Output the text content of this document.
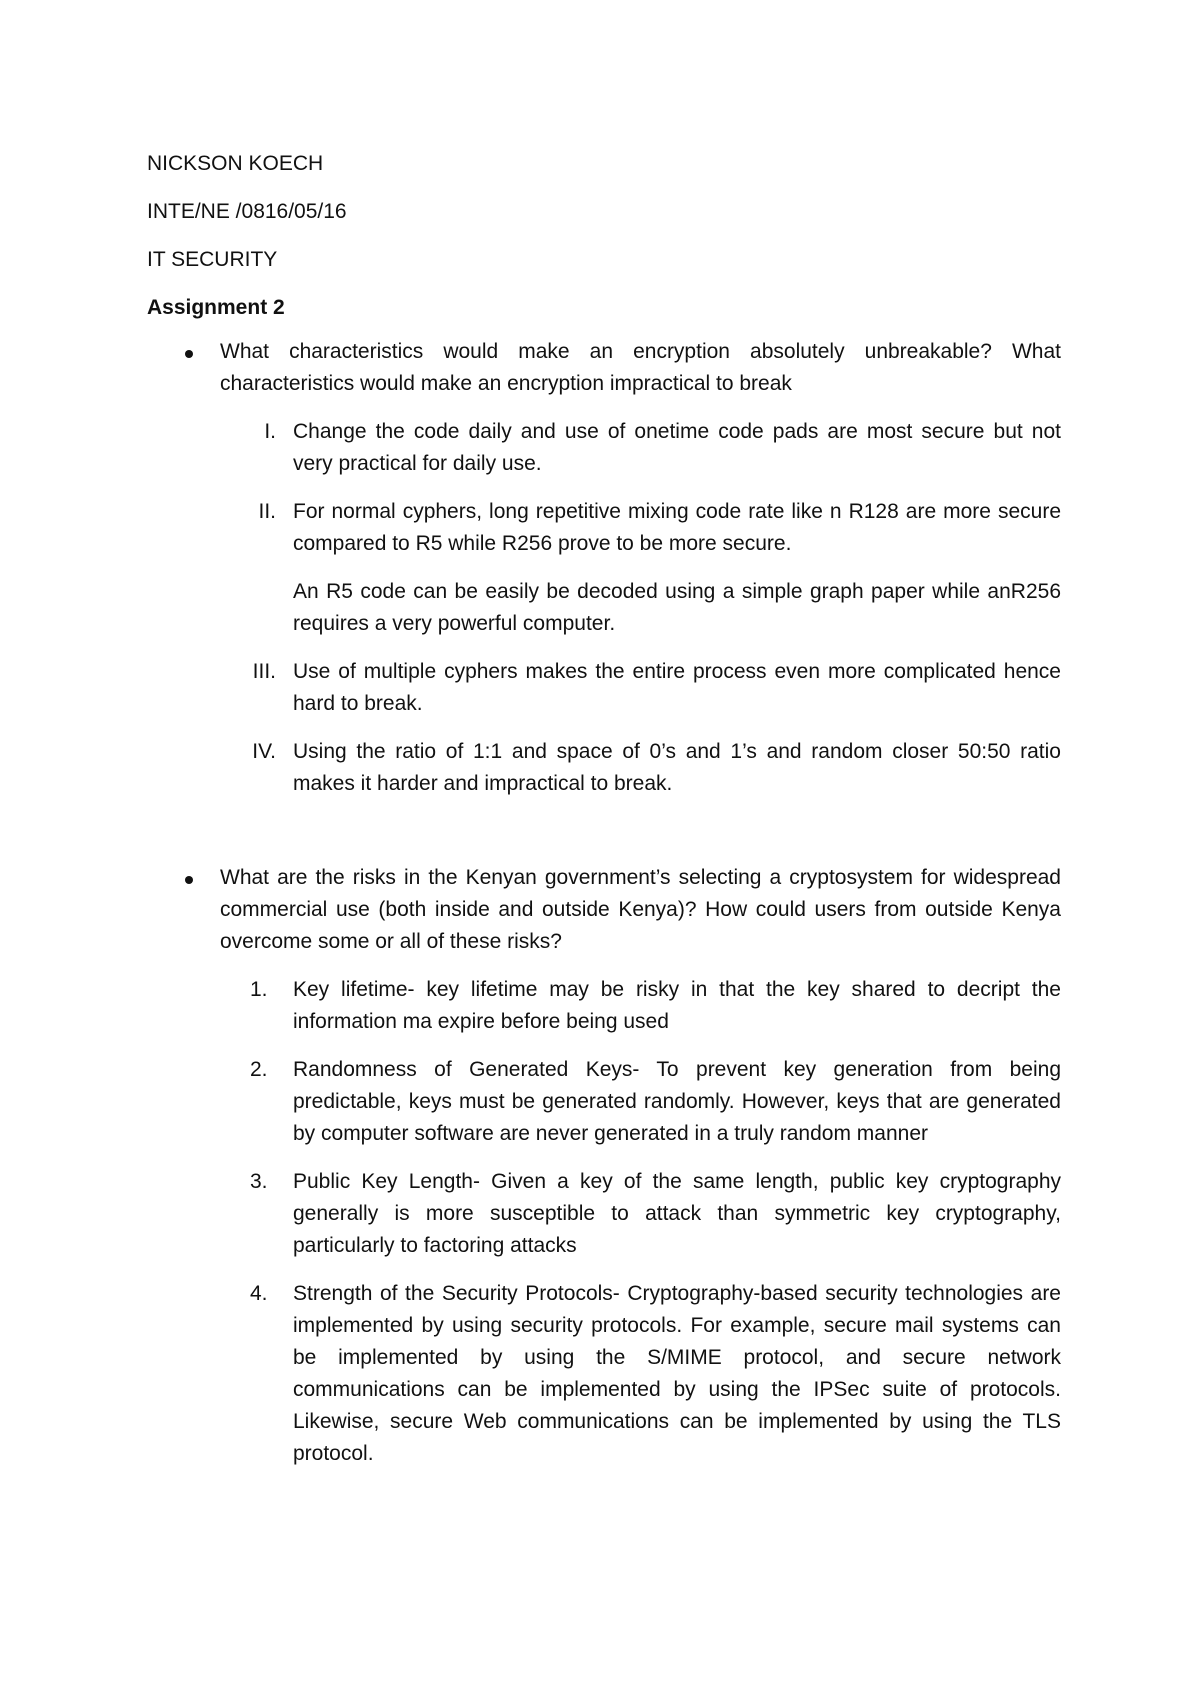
NICKSON KOECH

INTE/NE /0816/05/16

IT SECURITY

Assignment 2

What characteristics would make an encryption absolutely unbreakable? What characteristics would make an encryption impractical to break

I. Change the code daily and use of onetime code pads are most secure but not very practical for daily use.
II. For normal cyphers, long repetitive mixing code rate like n R128 are more secure compared to R5 while R256 prove to be more secure.

An R5 code can be easily be decoded using a simple graph paper while anR256 requires a very powerful computer.

III. Use of multiple cyphers makes the entire process even more complicated hence hard to break.
IV. Using the ratio of 1:1 and space of 0’s and 1’s and random closer 50:50 ratio makes it harder and impractical to break.

What are the risks in the Kenyan government’s selecting a cryptosystem for widespread commercial use (both inside and outside Kenya)? How could users from outside Kenya overcome some or all of these risks?

1.	Key lifetime- key lifetime may be risky in that the key shared to decript the information ma expire before being used
2.	Randomness of Generated Keys- To prevent key generation from being predictable, keys must be generated randomly. However, keys that are generated by computer software are never generated in a truly random manner
3.	Public Key Length- Given a key of the same length, public key cryptography generally is more susceptible to attack than symmetric key cryptography, particularly to factoring attacks
4.	Strength of the Security Protocols- Cryptography-based security technologies are implemented by using security protocols. For example, secure mail systems can be implemented by using the S/MIME protocol, and secure network communications can be implemented by using the IPSec suite of protocols. Likewise, secure Web communications can be implemented by using the TLS protocol.
